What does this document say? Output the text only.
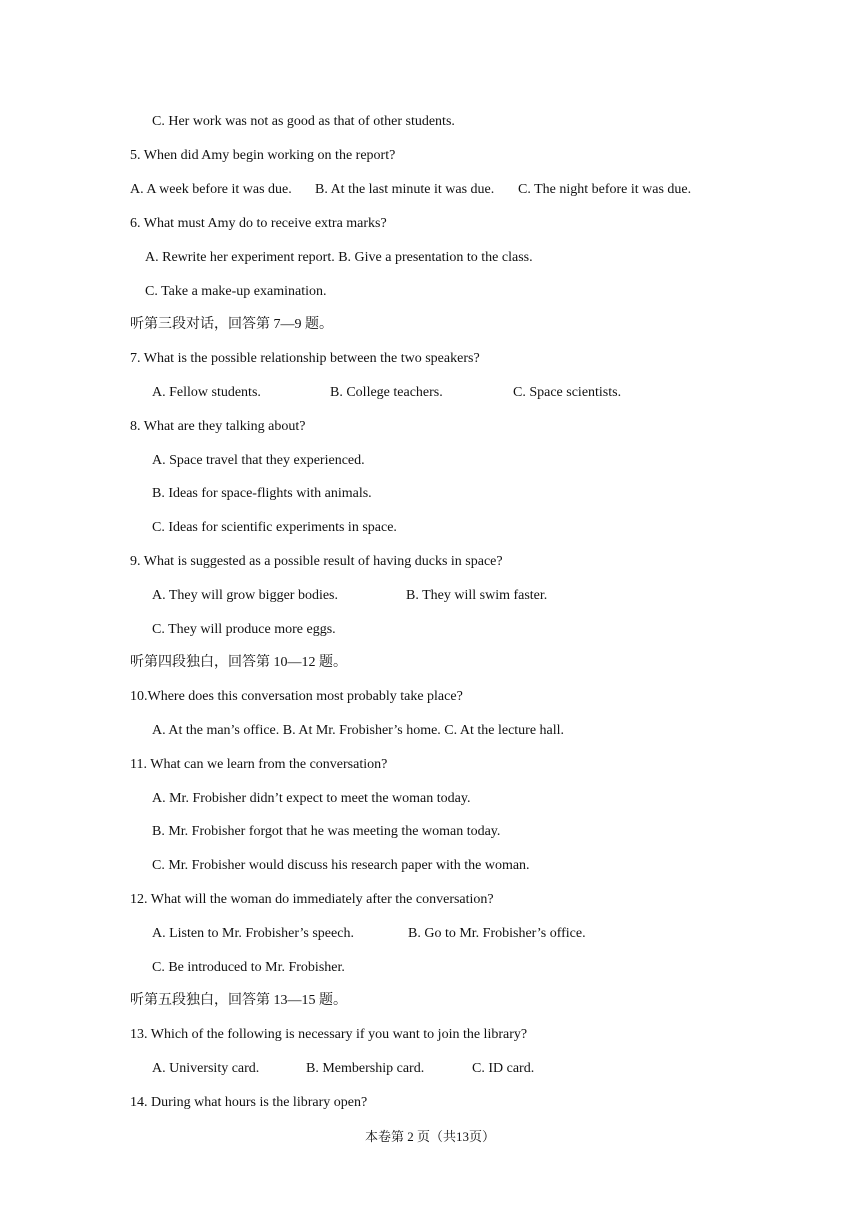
C. Her work was not as good as that of other students.
5. When did Amy begin working on the report?
A. A week before it was due. B. At the last minute it was due. C. The night before it was due.
6. What must Amy do to receive extra marks?
A. Rewrite her experiment report. B. Give a presentation to the class.
C. Take a make-up examination.
听第三段对话，回答第 7—9 题。
7. What is the possible relationship between the two speakers?
A. Fellow students.	B. College teachers.	C. Space scientists.
8. What are they talking about?
A. Space travel that they experienced.
B. Ideas for space-flights with animals.
C. Ideas for scientific experiments in space.
9. What is suggested as a possible result of having ducks in space?
A. They will grow bigger bodies.	B. They will swim faster.
C. They will produce more eggs.
听第四段独白，回答第 10—12 题。
10.Where does this conversation most probably take place?
A. At the man’s office. B. At Mr. Frobisher’s home. C. At the lecture hall.
11. What can we learn from the conversation?
A. Mr. Frobisher didn’t expect to meet the woman today.
B. Mr. Frobisher forgot that he was meeting the woman today.
C. Mr. Frobisher would discuss his research paper with the woman.
12. What will the woman do immediately after the conversation?
A. Listen to Mr. Frobisher’s speech.	B. Go to Mr. Frobisher’s office.
C. Be introduced to Mr. Frobisher.
听第五段独白，回答第 13—15 题。
13. Which of the following is necessary if you want to join the library?
A. University card.	B. Membership card.	C. ID card.
14. During what hours is the library open?
本卷第 2 页（共13页）
